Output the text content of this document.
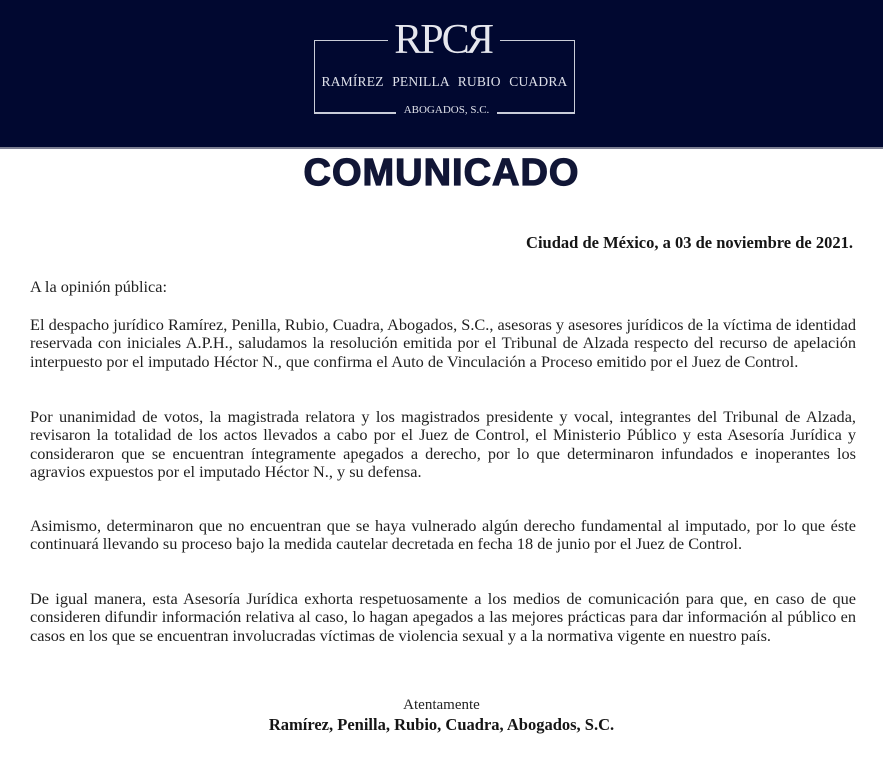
RPCR
RAMÍREZ PENILLA RUBIO CUADRA
ABOGADOS, S.C.
COMUNICADO
Ciudad de México, a 03 de noviembre de 2021.

A la opinión pública:

El despacho jurídico Ramírez, Penilla, Rubio, Cuadra, Abogados, S.C., asesoras y asesores jurídicos de la víctima de identidad reservada con iniciales A.P.H., saludamos la resolución emitida por el Tribunal de Alzada respecto del recurso de apelación interpuesto por el imputado Héctor N., que confirma el Auto de Vinculación a Proceso emitido por el Juez de Control.

Por unanimidad de votos, la magistrada relatora y los magistrados presidente y vocal, integrantes del Tribunal de Alzada, revisaron la totalidad de los actos llevados a cabo por el Juez de Control, el Ministerio Público y esta Asesoría Jurídica y consideraron que se encuentran íntegramente apegados a derecho, por lo que determinaron infundados e inoperantes los agravios expuestos por el imputado Héctor N., y su defensa.

Asimismo, determinaron que no encuentran que se haya vulnerado algún derecho fundamental al imputado, por lo que éste continuará llevando su proceso bajo la medida cautelar decretada en fecha 18 de junio por el Juez de Control.

De igual manera, esta Asesoría Jurídica exhorta respetuosamente a los medios de comunicación para que, en caso de que consideren difundir información relativa al caso, lo hagan apegados a las mejores prácticas para dar información al público en casos en los que se encuentran involucradas víctimas de violencia sexual y a la normativa vigente en nuestro país.

Atentamente
Ramírez, Penilla, Rubio, Cuadra, Abogados, S.C.
